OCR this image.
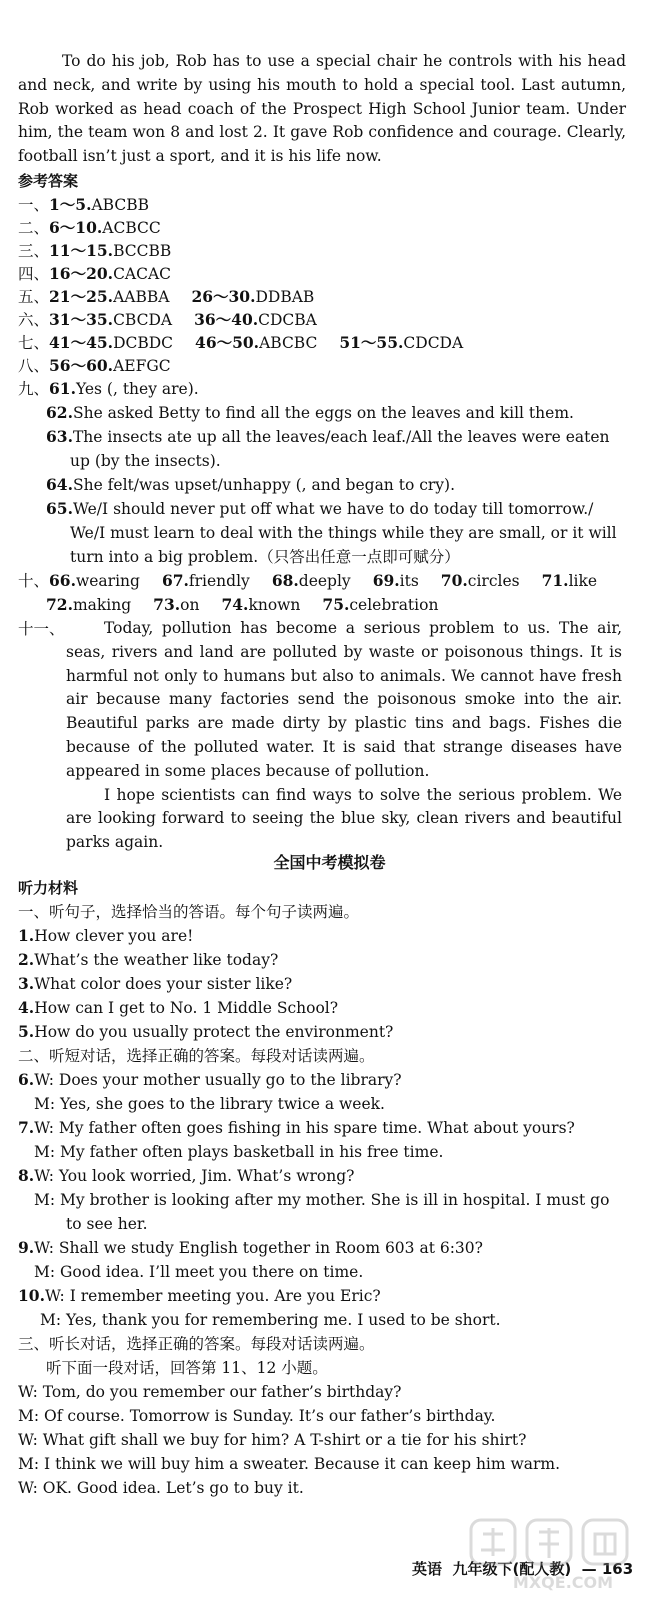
To do his job, Rob has to use a special chair he controls with his head and neck, and write by using his mouth to hold a special tool. Last autumn, Rob worked as head coach of the Prospect High School Junior team. Under him, the team won 8 and lost 2. It gave Rob confidence and courage. Clearly, football isn’t just a sport, and it is his life now.

参考答案
一、1～5.ABCBB
二、6～10.ACBCC
三、11～15.BCCBB
四、16～20.CACAC
五、21～25.AABBA 26～30.DDBAB
六、31～35.CBCDA 36～40.CDCBA
七、41～45.DCBDC 46～50.ABCBC 51～55.CDCDA
八、56～60.AEFGC
九、61.Yes (, they are).
62.She asked Betty to find all the eggs on the leaves and kill them.
63.The insects ate up all the leaves/each leaf./All the leaves were eaten
up (by the insects).
64.She felt/was upset/unhappy (, and began to cry).
65.We/I should never put off what we have to do today till tomorrow./
We/I must learn to deal with the things while they are small, or it will
turn into a big problem.（只答出任意一点即可赋分）
十、66.wearing 67.friendly 68.deeply 69.its 70.circles 71.like
72.making 73.on 74.known 75.celebration
十一、	Today, pollution has become a serious problem to us. The air, seas, rivers and land are polluted by waste or poisonous things. It is harmful not only to humans but also to animals. We cannot have fresh air because many factories send the poisonous smoke into the air. Beautiful parks are made dirty by plastic tins and bags. Fishes die because of the polluted water. It is said that strange diseases have appeared in some places because of pollution.

I hope scientists can find ways to solve the serious problem. We are looking forward to seeing the blue sky, clean rivers and beautiful parks again.

全国中考模拟卷
听力材料
一、听句子，选择恰当的答语。每个句子读两遍。
1.How clever you are!
2.What’s the weather like today?
3.What color does your sister like?
4.How can I get to No. 1 Middle School?
5.How do you usually protect the environment?
二、听短对话，选择正确的答案。每段对话读两遍。
6.W: Does your mother usually go to the library?
M: Yes, she goes to the library twice a week.
7.W: My father often goes fishing in his spare time. What about yours?
M: My father often plays basketball in his free time.
8.W: You look worried, Jim. What’s wrong?
M: My brother is looking after my mother. She is ill in hospital. I must go
to see her.
9.W: Shall we study English together in Room 603 at 6:30?
M: Good idea. I’ll meet you there on time.
10.W: I remember meeting you. Are you Eric?
M: Yes, thank you for remembering me. I used to be short.
三、听长对话，选择正确的答案。每段对话读两遍。
听下面一段对话，回答第 11、12 小题。
W: Tom, do you remember our father’s birthday?
M: Of course. Tomorrow is Sunday. It’s our father’s birthday.
W: What gift shall we buy for him? A T-shirt or a tie for his shirt?
M: I think we will buy him a sweater. Because it can keep him warm.
W: OK. Good idea. Let’s go to buy it.
英语 九年级下(配人教) — 163
MXQE.COM
